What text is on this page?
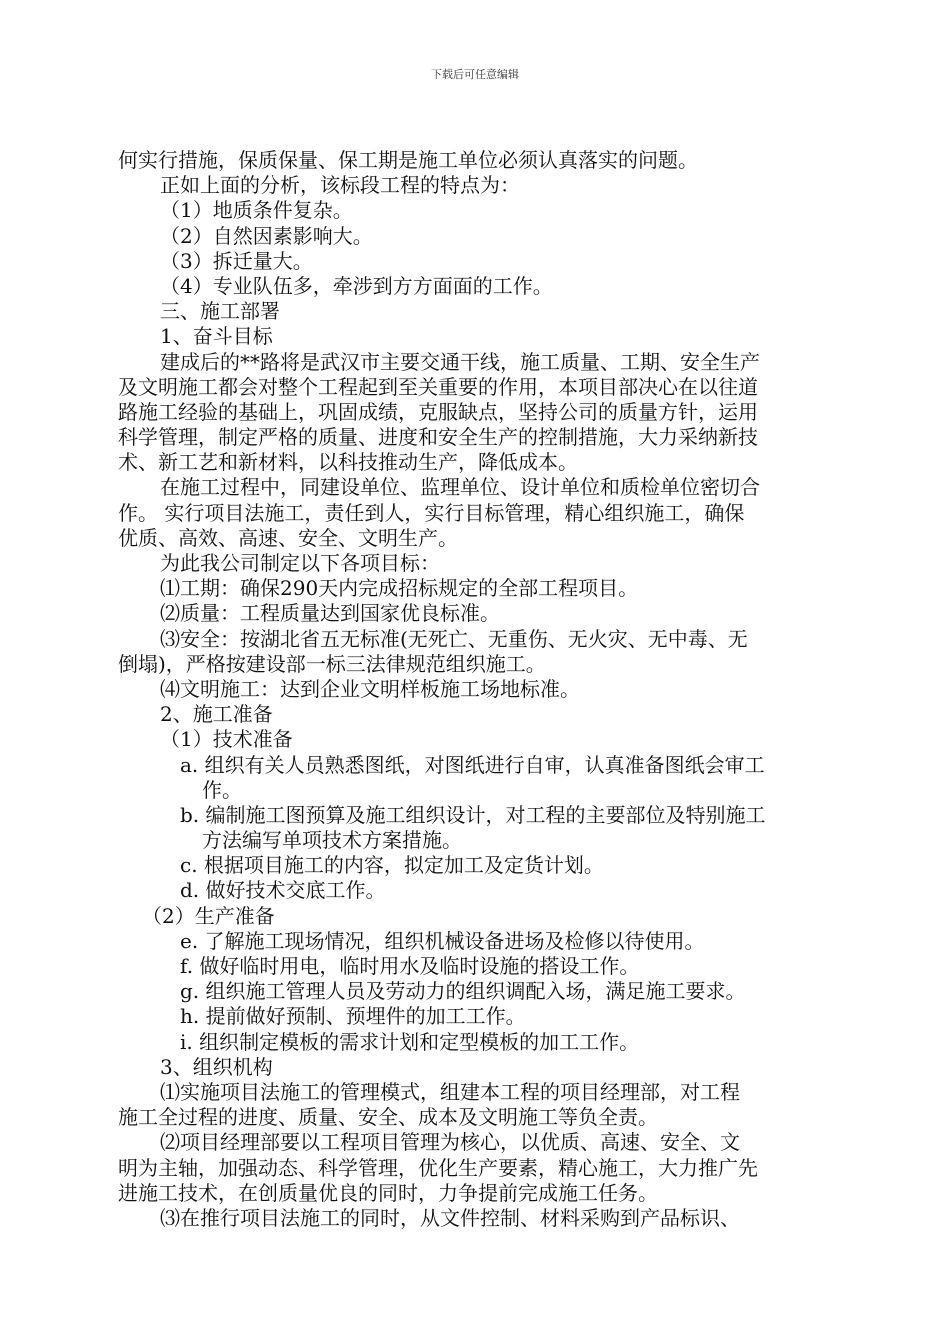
下载后可任意编辑
何实行措施，保质保量、保工期是施工单位必须认真落实的问题。
正如上面的分析，该标段工程的特点为：
（1）地质条件复杂。
（2）自然因素影响大。
（3）拆迁量大。
（4）专业队伍多，牵涉到方方面面的工作。
三、施工部署
1、奋斗目标
建成后的**路将是武汉市主要交通干线，施工质量、工期、安全生产
及文明施工都会对整个工程起到至关重要的作用，本项目部决心在以往道
路施工经验的基础上，巩固成绩，克服缺点，坚持公司的质量方针，运用
科学管理，制定严格的质量、进度和安全生产的控制措施，大力采纳新技
术、新工艺和新材料，以科技推动生产，降低成本。
在施工过程中，同建设单位、监理单位、设计单位和质检单位密切合
作。 实行项目法施工，责任到人，实行目标管理，精心组织施工，确保
优质、高效、高速、安全、文明生产。
为此我公司制定以下各项目标：
⑴工期：确保290天内完成招标规定的全部工程项目。
⑵质量：工程质量达到国家优良标准。
⑶安全：按湖北省五无标准(无死亡、无重伤、无火灾、无中毒、无
倒塌)，严格按建设部一标三法律规范组织施工。
⑷文明施工：达到企业文明样板施工场地标准。
2、施工准备
（1）技术准备
a. 组织有关人员熟悉图纸，对图纸进行自审，认真准备图纸会审工
作。
b. 编制施工图预算及施工组织设计，对工程的主要部位及特别施工
方法编写单项技术方案措施。
c. 根据项目施工的内容，拟定加工及定货计划。
d. 做好技术交底工作。
（2）生产准备
e. 了解施工现场情况，组织机械设备进场及检修以待使用。
f. 做好临时用电，临时用水及临时设施的搭设工作。
g. 组织施工管理人员及劳动力的组织调配入场，满足施工要求。
h. 提前做好预制、预埋件的加工工作。
i. 组织制定模板的需求计划和定型模板的加工工作。
3、组织机构
⑴实施项目法施工的管理模式，组建本工程的项目经理部，对工程
施工全过程的进度、质量、安全、成本及文明施工等负全责。
⑵项目经理部要以工程项目管理为核心，以优质、高速、安全、文
明为主轴，加强动态、科学管理，优化生产要素，精心施工，大力推广先
进施工技术，在创质量优良的同时，力争提前完成施工任务。
⑶在推行项目法施工的同时，从文件控制、材料采购到产品标识、
